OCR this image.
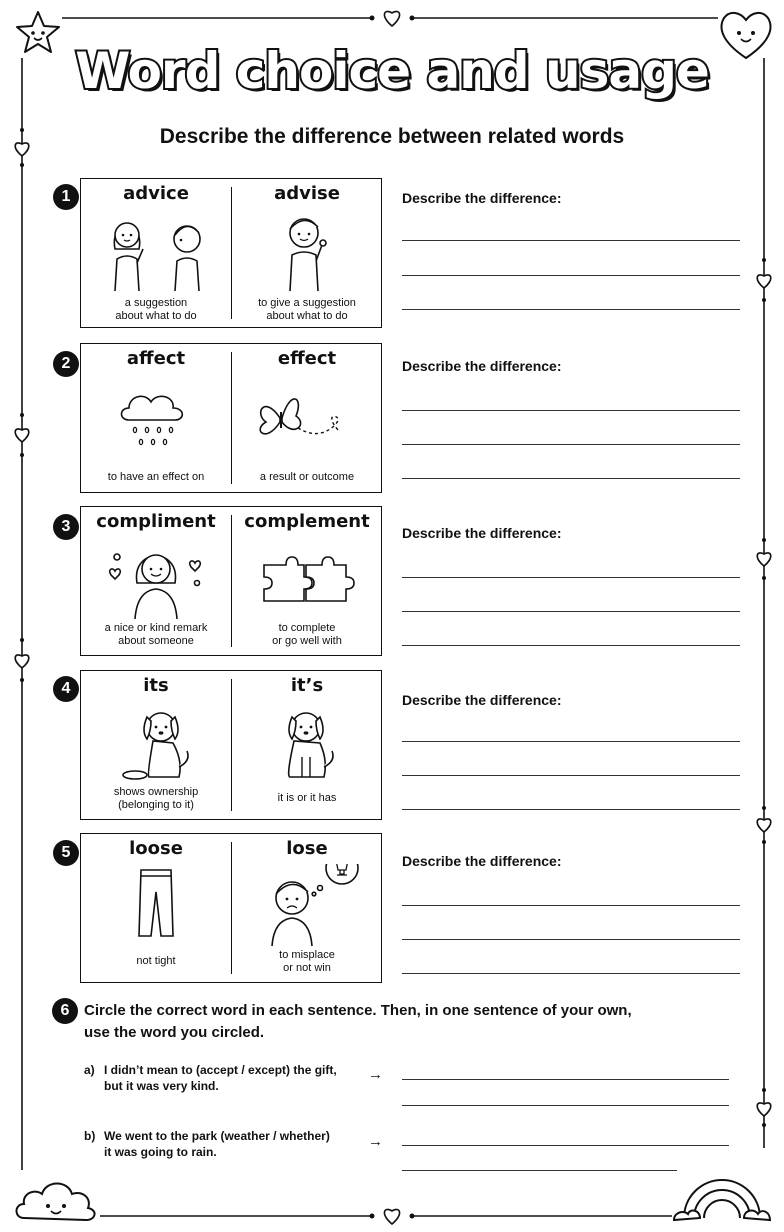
Word choice and usage
Describe the difference between related words
1	advice
a suggestion
about what to do
advise
to give a suggestion
about what to do
Describe the difference:
2	affect
to have an effect on
effect
a result or outcome
Describe the difference:
3	compliment
a nice or kind remark
about someone
complement
to complete
or go well with
Describe the difference:
4	its
shows ownership
(belonging to it)
it’s
it is or it has
Describe the difference:
5	loose
not tight
lose
to misplace
or not win
Describe the difference:
6 Circle the correct word in each sentence. Then, in one sentence of your own,
use the word you circled.
a) I didn’t mean to (accept / except) the gift,
but it was very kind.
→
b) We went to the park (weather / whether)
it was going to rain.
→
